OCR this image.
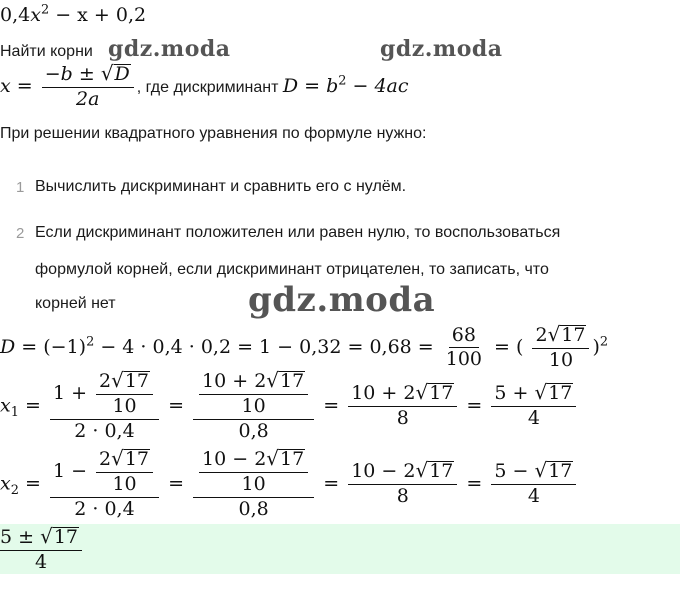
$0,4x^2 - x + 0,2$
Найти корни gdz.moda	gdz.moda
$x = \frac{-b \pm √ D}{2a}$ , где дискриминант $D = b^2 - 4ac$
При решении квадратного уравнения по формуле нужно:
1 Вычислить дискриминант и сравнить его с нулём.
2 Если дискриминант положителен или равен нулю, то воспользоваться
формулой корней, если дискриминант отрицателен, то записать, что
корней нет	gdz.moda
$D = (-1)^2 - 4 \cdot 0,4 \cdot 0,2 = 1 - 0,32 = 0,68 = \frac{68}{100}$ = ( $\frac{2 √ 17}{10} )^2$
$x_1 = \frac{1 + \frac{2 √ 17}{10}}{2 \cdot 0,4} = \frac{\frac{10 + 2 √ 17}{10}}{0,8} = \frac{10 + 2 √ 17}{8} = \frac{5 + √ 17}{4}$
$x_2 = \frac{1 - \frac{2 √ 17}{10}}{2 \cdot 0,4} = \frac{\frac{10 - 2 √ 17}{10}}{0,8} = \frac{10 - 2 √ 17}{8} = \frac{5 - √ 17}{4}$
$\frac{5 \pm √ 17}{4}$
